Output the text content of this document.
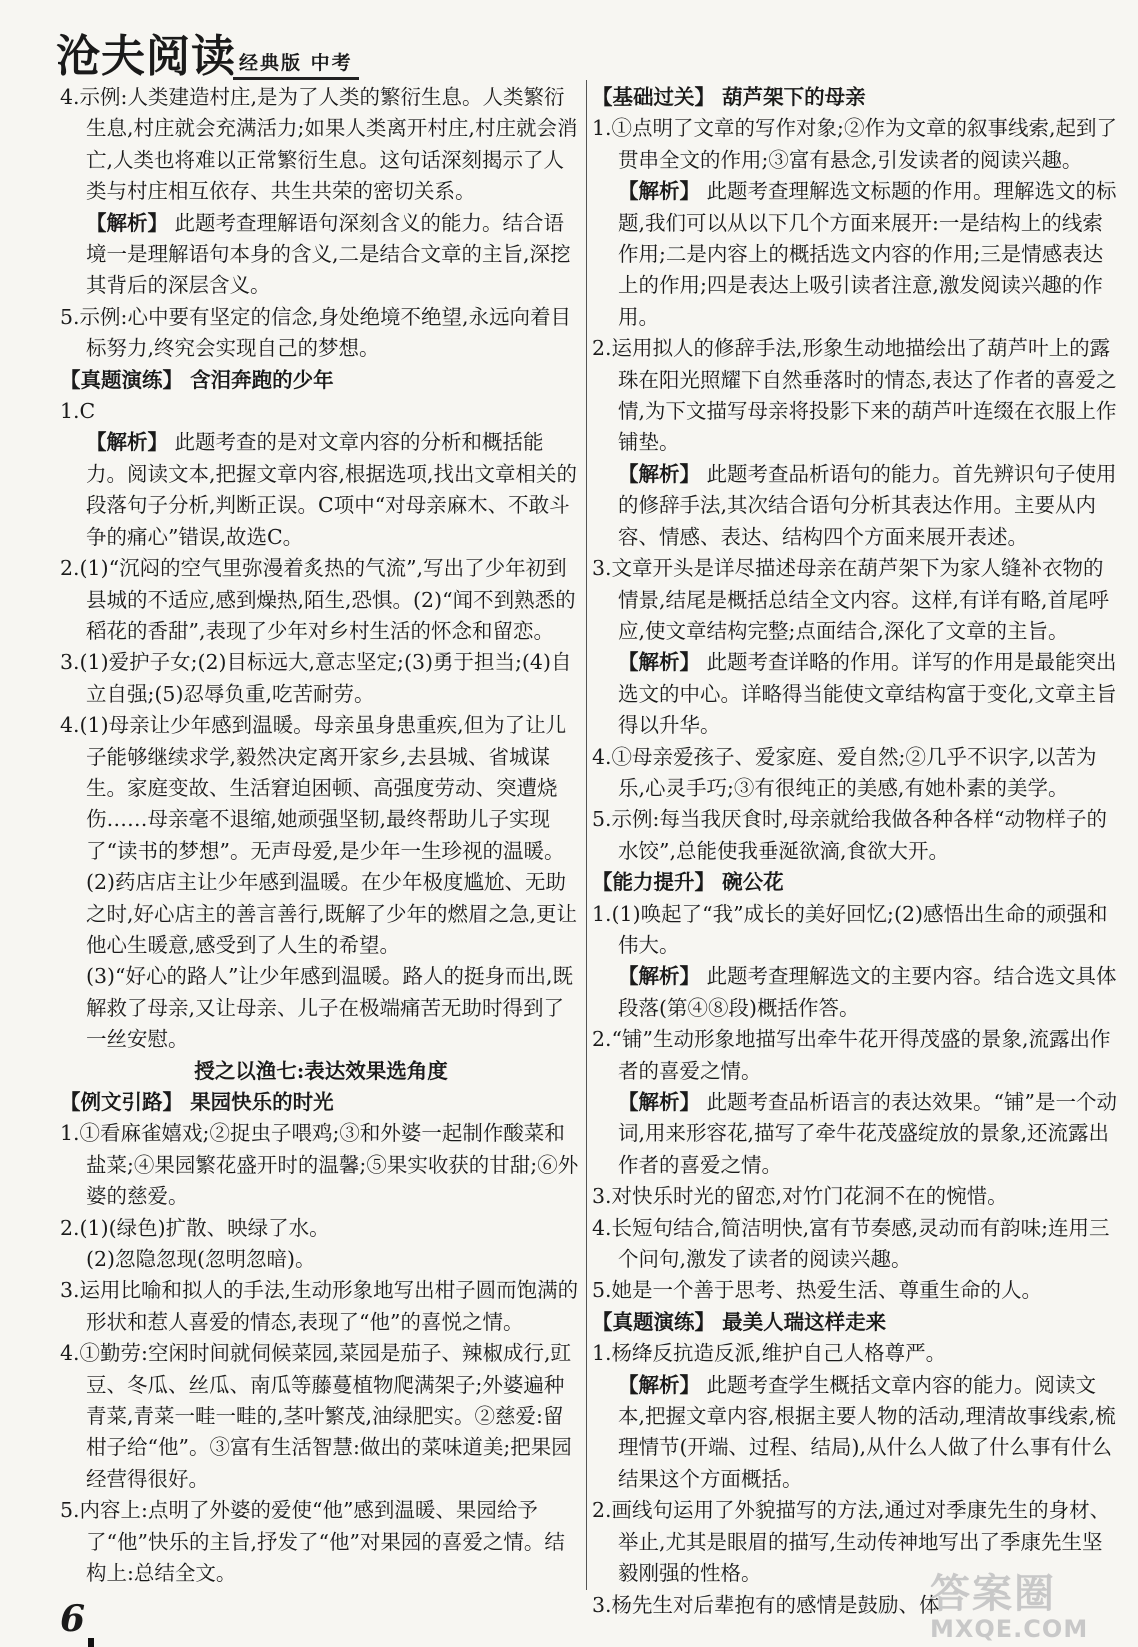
沧夫阅读 经典版 中考

4.示例:人类建造村庄,是为了人类的繁衍生息。人类繁衍生息,村庄就会充满活力;如果人类离开村庄,村庄就会消亡,人类也将难以正常繁衍生息。这句话深刻揭示了人类与村庄相互依存、共生共荣的密切关系。

【解析】 此题考查理解语句深刻含义的能力。结合语境一是理解语句本身的含义,二是结合文章的主旨,深挖其背后的深层含义。

5.示例:心中要有坚定的信念,身处绝境不绝望,永远向着目标努力,终究会实现自己的梦想。

【真题演练】 含泪奔跑的少年

1.C

【解析】 此题考查的是对文章内容的分析和概括能力。阅读文本,把握文章内容,根据选项,找出文章相关的段落句子分析,判断正误。C项中“对母亲麻木、不敢斗争的痛心”错误,故选C。

2.(1)“沉闷的空气里弥漫着炙热的气流”,写出了少年初到县城的不适应,感到燥热,陌生,恐惧。(2)“闻不到熟悉的稻花的香甜”,表现了少年对乡村生活的怀念和留恋。

3.(1)爱护子女;(2)目标远大,意志坚定;(3)勇于担当;(4)自立自强;(5)忍辱负重,吃苦耐劳。

4.(1)母亲让少年感到温暖。母亲虽身患重疾,但为了让儿子能够继续求学,毅然决定离开家乡,去县城、省城谋生。家庭变故、生活窘迫困顿、高强度劳动、突遭烧伤……母亲毫不退缩,她顽强坚韧,最终帮助儿子实现了“读书的梦想”。无声母爱,是少年一生珍视的温暖。

(2)药店店主让少年感到温暖。在少年极度尴尬、无助之时,好心店主的善言善行,既解了少年的燃眉之急,更让他心生暖意,感受到了人生的希望。

(3)“好心的路人”让少年感到温暖。路人的挺身而出,既解救了母亲,又让母亲、儿子在极端痛苦无助时得到了一丝安慰。

授之以渔七:表达效果选角度

【例文引路】 果园快乐的时光

1.①看麻雀嬉戏;②捉虫子喂鸡;③和外婆一起制作酸菜和盐菜;④果园繁花盛开时的温馨;⑤果实收获的甘甜;⑥外婆的慈爱。

2.(1)(绿色)扩散、映绿了水。

(2)忽隐忽现(忽明忽暗)。

3.运用比喻和拟人的手法,生动形象地写出柑子圆而饱满的形状和惹人喜爱的情态,表现了“他”的喜悦之情。

4.①勤劳:空闲时间就伺候菜园,菜园是茄子、辣椒成行,豇豆、冬瓜、丝瓜、南瓜等藤蔓植物爬满架子;外婆遍种青菜,青菜一畦一畦的,茎叶繁茂,油绿肥实。②慈爱:留柑子给“他”。③富有生活智慧:做出的菜味道美;把果园经营得很好。

5.内容上:点明了外婆的爱使“他”感到温暖、果园给予了“他”快乐的主旨,抒发了“他”对果园的喜爱之情。结构上:总结全文。

【基础过关】 葫芦架下的母亲

1.①点明了文章的写作对象;②作为文章的叙事线索,起到了贯串全文的作用;③富有悬念,引发读者的阅读兴趣。

【解析】 此题考查理解选文标题的作用。理解选文的标题,我们可以从以下几个方面来展开:一是结构上的线索作用;二是内容上的概括选文内容的作用;三是情感表达上的作用;四是表达上吸引读者注意,激发阅读兴趣的作用。

2.运用拟人的修辞手法,形象生动地描绘出了葫芦叶上的露珠在阳光照耀下自然垂落时的情态,表达了作者的喜爱之情,为下文描写母亲将投影下来的葫芦叶连缀在衣服上作铺垫。

【解析】 此题考查品析语句的能力。首先辨识句子使用的修辞手法,其次结合语句分析其表达作用。主要从内容、情感、表达、结构四个方面来展开表述。

3.文章开头是详尽描述母亲在葫芦架下为家人缝补衣物的情景,结尾是概括总结全文内容。这样,有详有略,首尾呼应,使文章结构完整;点面结合,深化了文章的主旨。

【解析】 此题考查详略的作用。详写的作用是最能突出选文的中心。详略得当能使文章结构富于变化,文章主旨得以升华。

4.①母亲爱孩子、爱家庭、爱自然;②几乎不识字,以苦为乐,心灵手巧;③有很纯正的美感,有她朴素的美学。

5.示例:每当我厌食时,母亲就给我做各种各样“动物样子的水饺”,总能使我垂涎欲滴,食欲大开。

【能力提升】 碗公花

1.(1)唤起了“我”成长的美好回忆;(2)感悟出生命的顽强和伟大。

【解析】 此题考查理解选文的主要内容。结合选文具体段落(第④⑧段)概括作答。

2.“铺”生动形象地描写出牵牛花开得茂盛的景象,流露出作者的喜爱之情。

【解析】 此题考查品析语言的表达效果。“铺”是一个动词,用来形容花,描写了牵牛花茂盛绽放的景象,还流露出作者的喜爱之情。

3.对快乐时光的留恋,对竹门花洞不在的惋惜。

4.长短句结合,简洁明快,富有节奏感,灵动而有韵味;连用三个问句,激发了读者的阅读兴趣。

5.她是一个善于思考、热爱生活、尊重生命的人。

【真题演练】 最美人瑞这样走来

1.杨绛反抗造反派,维护自己人格尊严。

【解析】 此题考查学生概括文章内容的能力。阅读文本,把握文章内容,根据主要人物的活动,理清故事线索,梳理情节(开端、过程、结局),从什么人做了什么事有什么结果这个方面概括。

2.画线句运用了外貌描写的方法,通过对季康先生的身材、举止,尤其是眼眉的描写,生动传神地写出了季康先生坚毅刚强的性格。

3.杨先生对后辈抱有的感情是鼓励、体

6
答案圈
MXQE.COM
